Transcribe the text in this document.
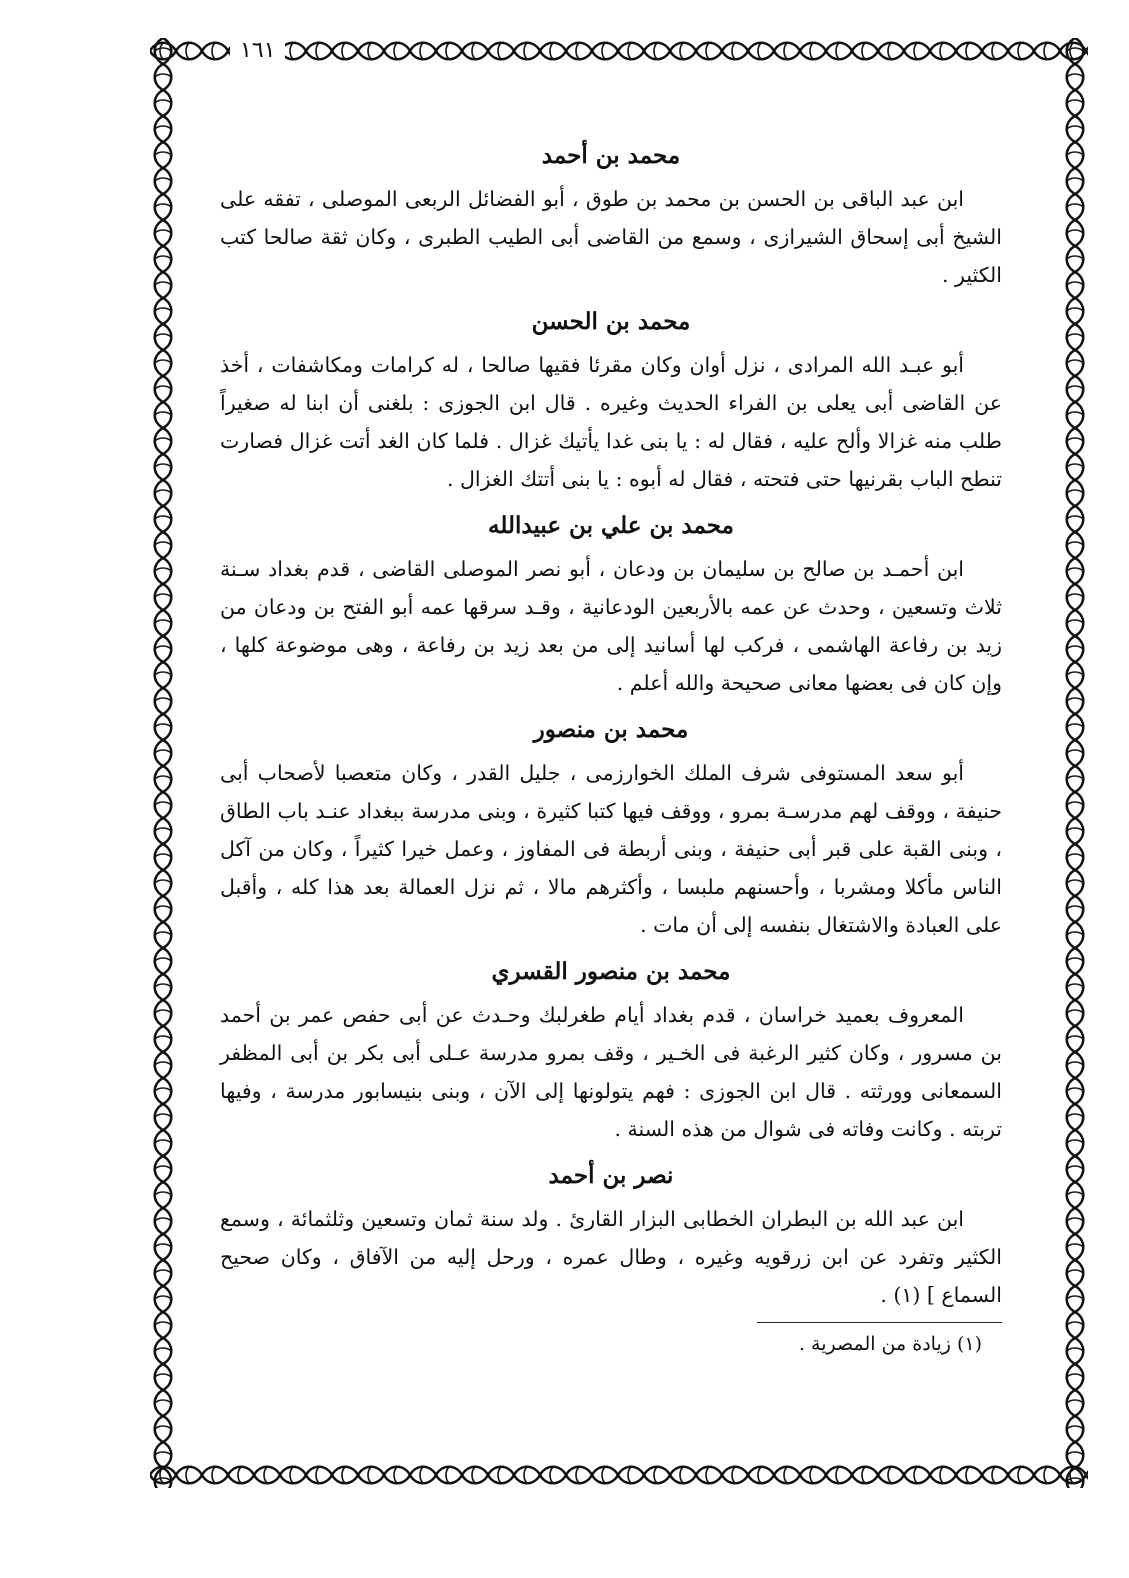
١٦١
محمد بن أحمد

ابن عبد الباقى بن الحسن بن محمد بن طوق ، أبو الفضائل الربعى الموصلى ، تفقه على الشيخ أبى إسحاق الشيرازى ، وسمع من القاضى أبى الطيب الطبرى ، وكان ثقة صالحا كتب الكثير .

محمد بن الحسن

أبو عبـد الله المرادى ، نزل أوان وكان مقرئا فقيها صالحا ، له كرامات ومكاشفات ، أخذ عن القاضى أبى يعلى بن الفراء الحديث وغيره . قال ابن الجوزى : بلغنى أن ابنا له صغيراً طلب منه غزالا وألح عليه ، فقال له : يا بنى غدا يأتيك غزال . فلما كان الغد أتت غزال فصارت تنطح الباب بقرنيها حتى فتحته ، فقال له أبوه : يا بنى أتتك الغزال .

محمد بن علي بن عبيدالله

ابن أحمـد بن صالح بن سليمان بن ودعان ، أبو نصر الموصلى القاضى ، قدم بغداد سـنة ثلاث وتسعين ، وحدث عن عمه بالأربعين الودعانية ، وقـد سرقها عمه أبو الفتح بن ودعان من زيد بن رفاعة الهاشمى ، فركب لها أسانيد إلى من بعد زيد بن رفاعة ، وهى موضوعة كلها ، وإن كان فى بعضها معانى صحيحة والله أعلم .

محمد بن منصور

أبو سعد المستوفى شرف الملك الخوارزمى ، جليل القدر ، وكان متعصبا لأصحاب أبى حنيفة ، ووقف لهم مدرسـة بمرو ، ووقف فيها كتبا كثيرة ، وبنى مدرسة ببغداد عنـد باب الطاق ، وبنى القبة على قبر أبى حنيفة ، وبنى أربطة فى المفاوز ، وعمل خيرا كثيراً ، وكان من آكل الناس مأكلا ومشربا ، وأحسنهم ملبسا ، وأكثرهم مالا ، ثم نزل العمالة بعد هذا كله ، وأقبل على العبادة والاشتغال بنفسه إلى أن مات .

محمد بن منصور القسري

المعروف بعميد خراسان ، قدم بغداد أيام طغرلبك وحـدث عن أبى حفص عمر بن أحمد بن مسرور ، وكان كثير الرغبة فى الخـير ، وقف بمرو مدرسة عـلى أبى بكر بن أبى المظفر السمعانى وورثته . قال ابن الجوزى : فهم يتولونها إلى الآن ، وبنى بنيسابور مدرسة ، وفيها تربته . وكانت وفاته فى شوال من هذه السنة .

نصر بن أحمد

ابن عبد الله بن البطران الخطابى البزار القارئ . ولد سنة ثمان وتسعين وثلثمائة ، وسمع الكثير وتفرد عن ابن زرقويه وغيره ، وطال عمره ، ورحل إليه من الآفاق ، وكان صحيح السماع ] (١) .

(١) زيادة من المصرية .
